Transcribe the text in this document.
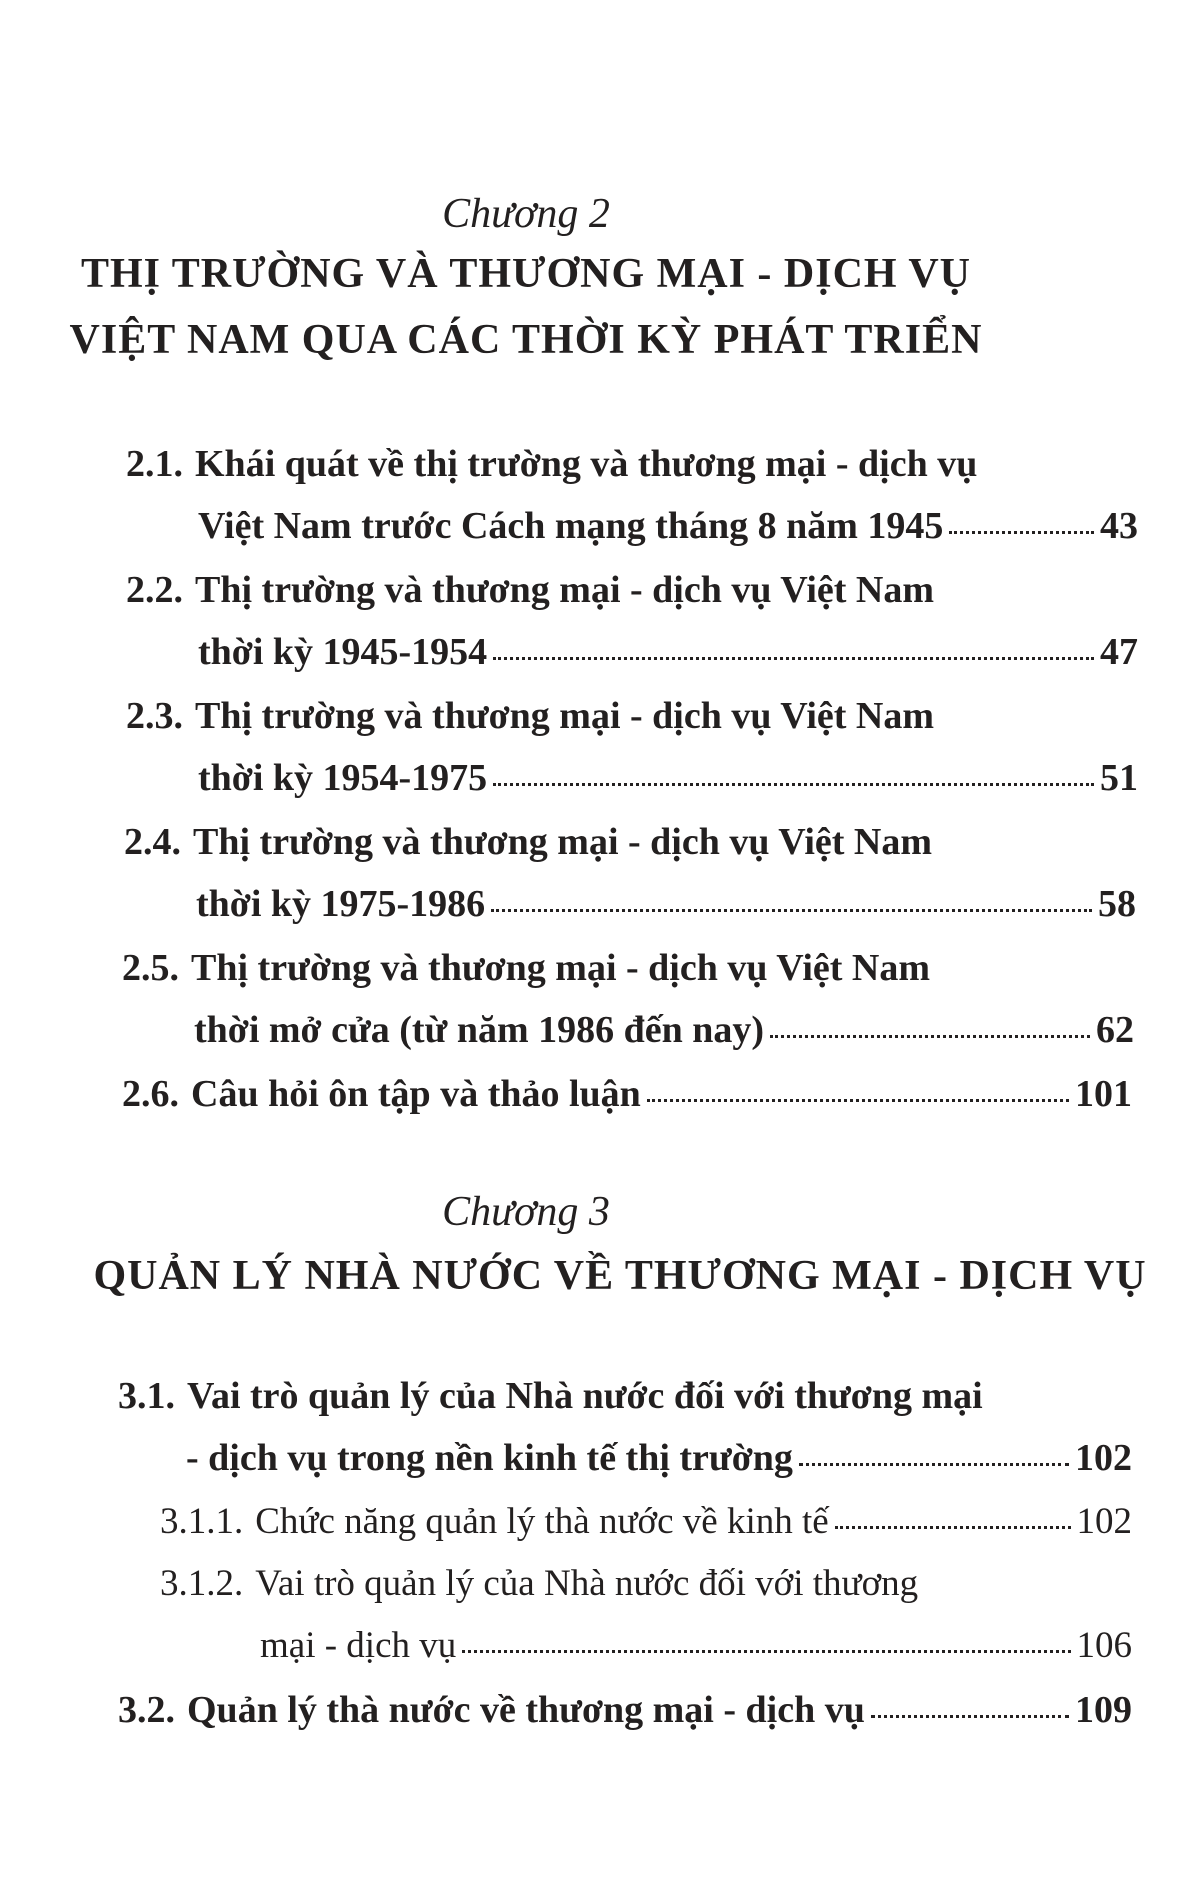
Chương 2
THỊ TRƯỜNG VÀ THƯƠNG MẠI - DỊCH VỤ
VIỆT NAM QUA CÁC THỜI KỲ PHÁT TRIỂN
2.1. Khái quát về thị trường và thương mại - dịch vụ
Việt Nam trước Cách mạng tháng 8 năm 1945	43
2.2. Thị trường và thương mại - dịch vụ Việt Nam
thời kỳ 1945-1954	47
2.3. Thị trường và thương mại - dịch vụ Việt Nam
thời kỳ 1954-1975	51
2.4. Thị trường và thương mại - dịch vụ Việt Nam
thời kỳ 1975-1986	58
2.5. Thị trường và thương mại - dịch vụ Việt Nam
thời mở cửa (từ năm 1986 đến nay)	62
2.6. Câu hỏi ôn tập và thảo luận	101
Chương 3
QUẢN LÝ NHÀ NƯỚC VỀ THƯƠNG MẠI - DỊCH VỤ
3.1. Vai trò quản lý của Nhà nước đối với thương mại
- dịch vụ trong nền kinh tế thị trường	102
3.1.1. Chức năng quản lý thà nước về kinh tế	102
3.1.2. Vai trò quản lý của Nhà nước đối với thương
mại - dịch vụ	106
3.2. Quản lý thà nước về thương mại - dịch vụ	109
